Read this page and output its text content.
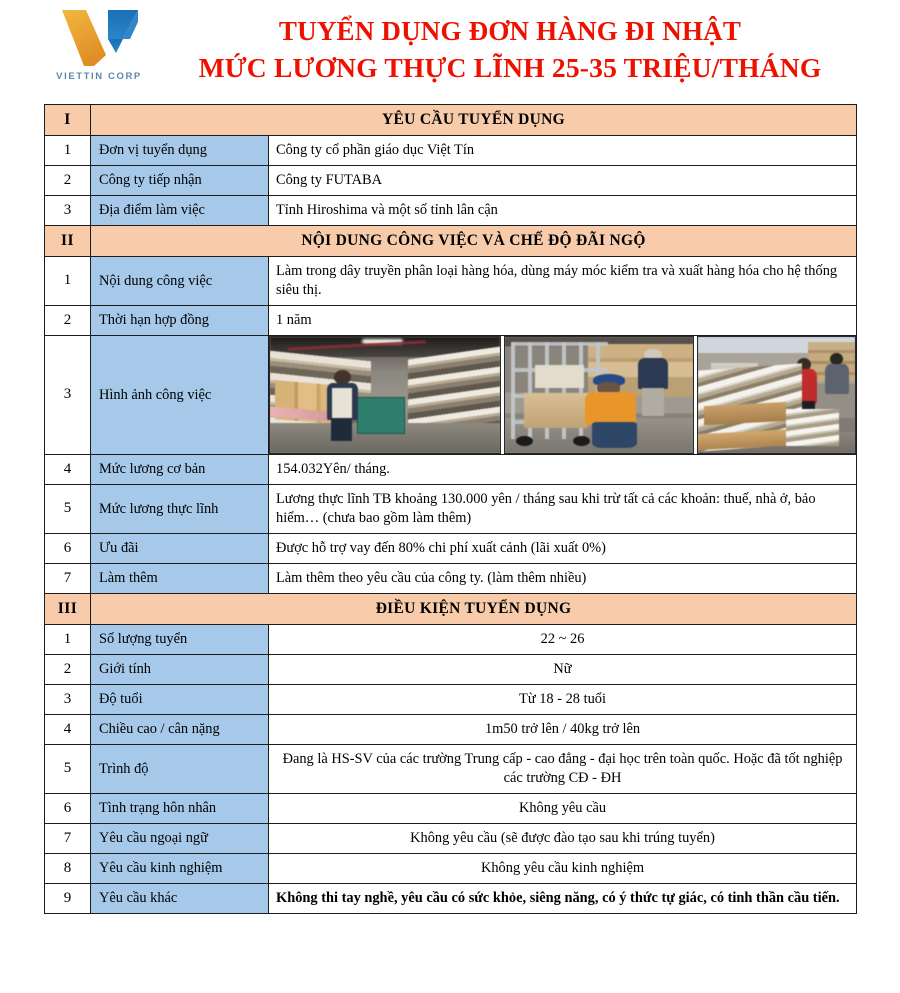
VIETTIN CORP
TUYỂN DỤNG ĐƠN HÀNG ĐI NHẬT
MỨC LƯƠNG THỰC LĨNH 25-35 TRIỆU/THÁNG
I	YÊU CẦU TUYỂN DỤNG	
1	Đơn vị tuyển dụng	Công ty cổ phần giáo dục Việt Tín
2	Công ty tiếp nhận	Công ty FUTABA
3	Địa điểm làm việc	Tỉnh Hiroshima và một số tỉnh lân cận
II	NỘI DUNG CÔNG VIỆC VÀ CHẾ ĐỘ ĐÃI NGỘ	
1	Nội dung công việc	Làm trong dây truyền phân loại hàng hóa, dùng máy móc kiểm tra và xuất hàng hóa cho hệ thống siêu thị.
2	Thời hạn hợp đồng	1 năm
3	Hình ảnh công việc	

4	Mức lương cơ bản	154.032Yên/ tháng.
5	Mức lương thực lĩnh	Lương thực lĩnh TB khoảng 130.000 yên / tháng sau khi trừ tất cả các khoản: thuế, nhà ở, bảo hiểm… (chưa bao gồm làm thêm)
6	Ưu đãi	Được hỗ trợ vay đến 80% chi phí xuất cảnh (lãi xuất 0%)
7	Làm thêm	Làm thêm theo yêu cầu của công ty. (làm thêm nhiều)
III	ĐIỀU KIỆN TUYỂN DỤNG	
1	Số lượng tuyển	22 ~ 26
2	Giới tính	Nữ
3	Độ tuổi	Từ 18 - 28 tuổi
4	Chiều cao / cân nặng	1m50 trở lên / 40kg trở lên
5	Trình độ	Đang là HS-SV của các trường Trung cấp - cao đẳng - đại học trên toàn quốc. Hoặc đã tốt nghiệp các trường CĐ - ĐH
6	Tình trạng hôn nhân	Không yêu cầu
7	Yêu cầu ngoại ngữ	Không yêu cầu (sẽ được đào tạo sau khi trúng tuyển)
8	Yêu cầu kinh nghiệm	Không yêu cầu kinh nghiệm
9	Yêu cầu khác	Không thi tay nghề, yêu cầu có sức khỏe, siêng năng, có ý thức tự giác, có tinh thần cầu tiến.
